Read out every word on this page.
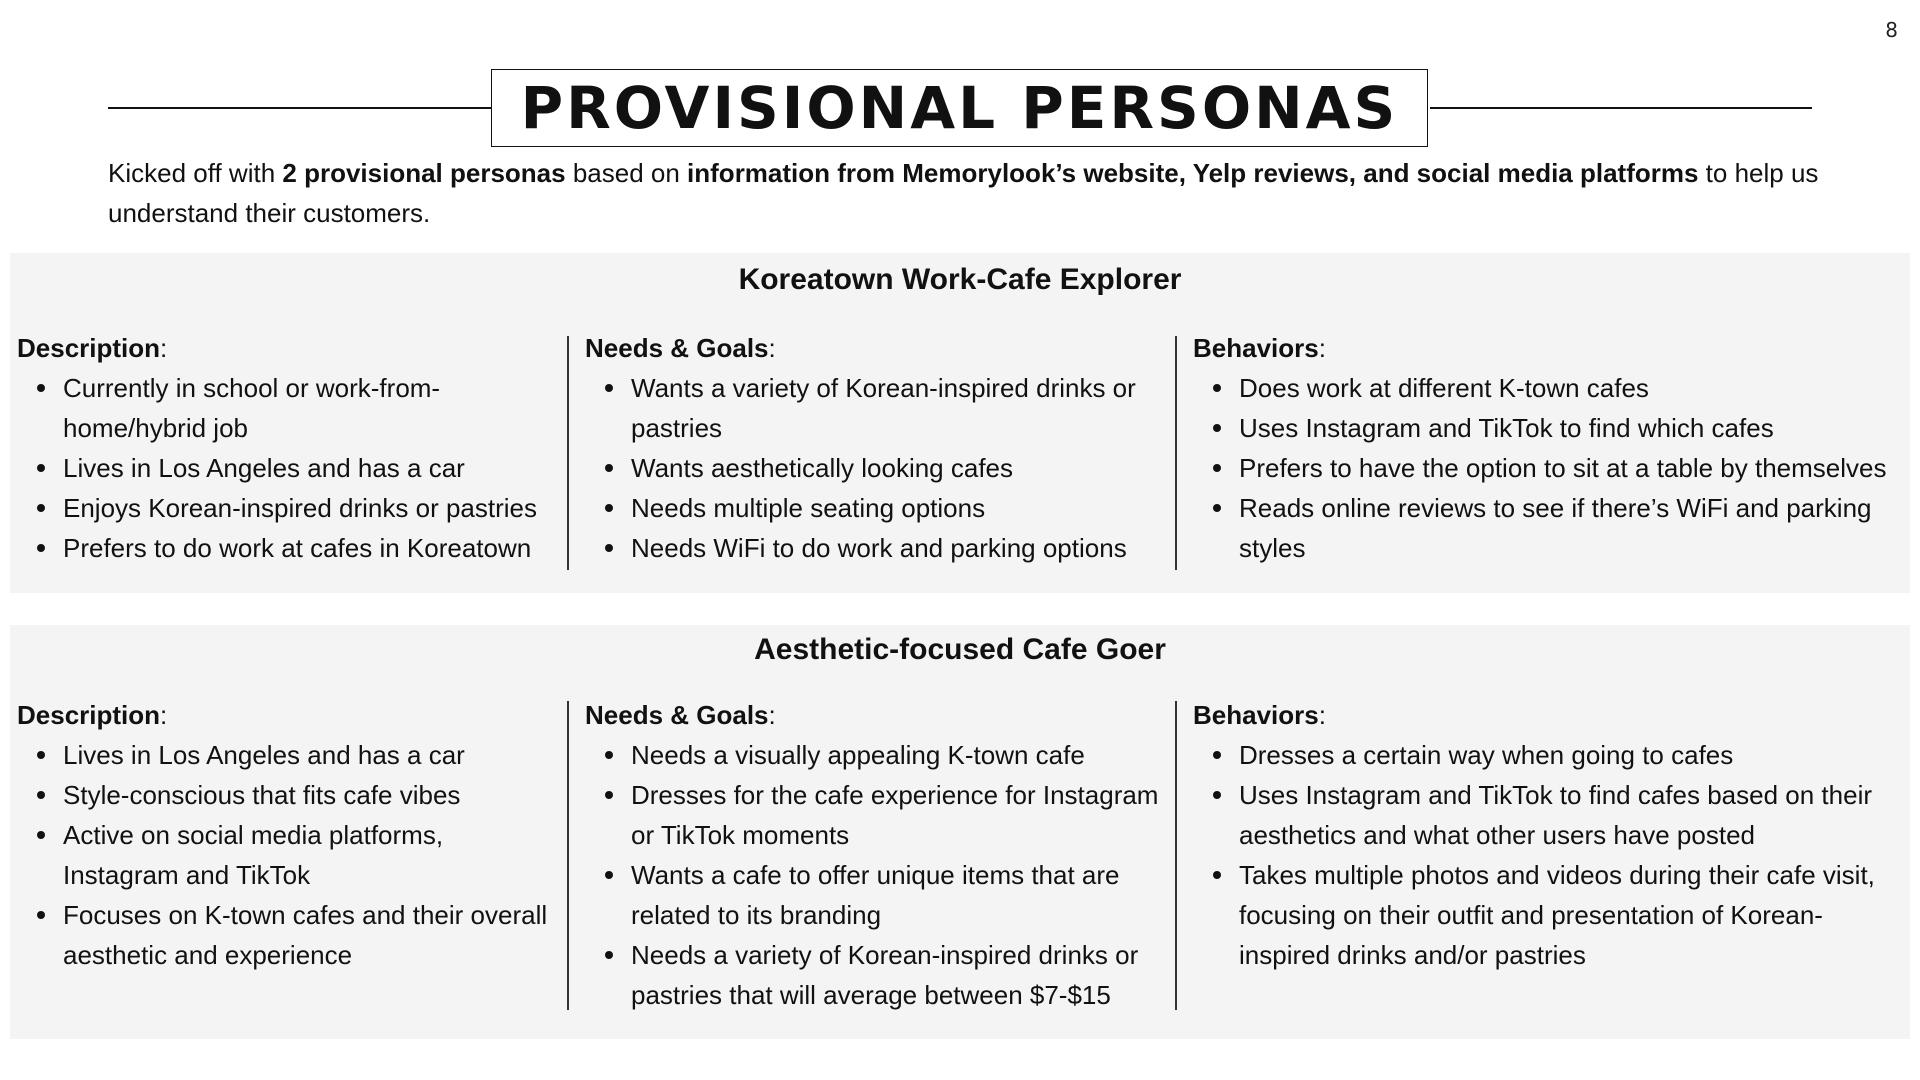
8
PROVISIONAL PERSONAS
Kicked off with 2 provisional personas based on information from Memorylook’s website, Yelp reviews, and social media platforms to help us understand their customers.
Koreatown Work-Cafe Explorer
Description:
Currently in school or work-from-home/hybrid job
Lives in Los Angeles and has a car
Enjoys Korean-inspired drinks or pastries
Prefers to do work at cafes in Koreatown
Needs & Goals:
Wants a variety of Korean-inspired drinks or pastries
Wants aesthetically looking cafes
Needs multiple seating options
Needs WiFi to do work and parking options
Behaviors:
Does work at different K-town cafes
Uses Instagram and TikTok to find which cafes
Prefers to have the option to sit at a table by themselves
Reads online reviews to see if there’s WiFi and parking styles
Aesthetic-focused Cafe Goer
Description:
Lives in Los Angeles and has a car
Style-conscious that fits cafe vibes
Active on social media platforms, Instagram and TikTok
Focuses on K-town cafes and their overall aesthetic and experience
Needs & Goals:
Needs a visually appealing K-town cafe
Dresses for the cafe experience for Instagram or TikTok moments
Wants a cafe to offer unique items that are related to its branding
Needs a variety of Korean-inspired drinks or pastries that will average between $7-$15
Behaviors:
Dresses a certain way when going to cafes
Uses Instagram and TikTok to find cafes based on their aesthetics and what other users have posted
Takes multiple photos and videos during their cafe visit, focusing on their outfit and presentation of Korean-inspired drinks and/or pastries
